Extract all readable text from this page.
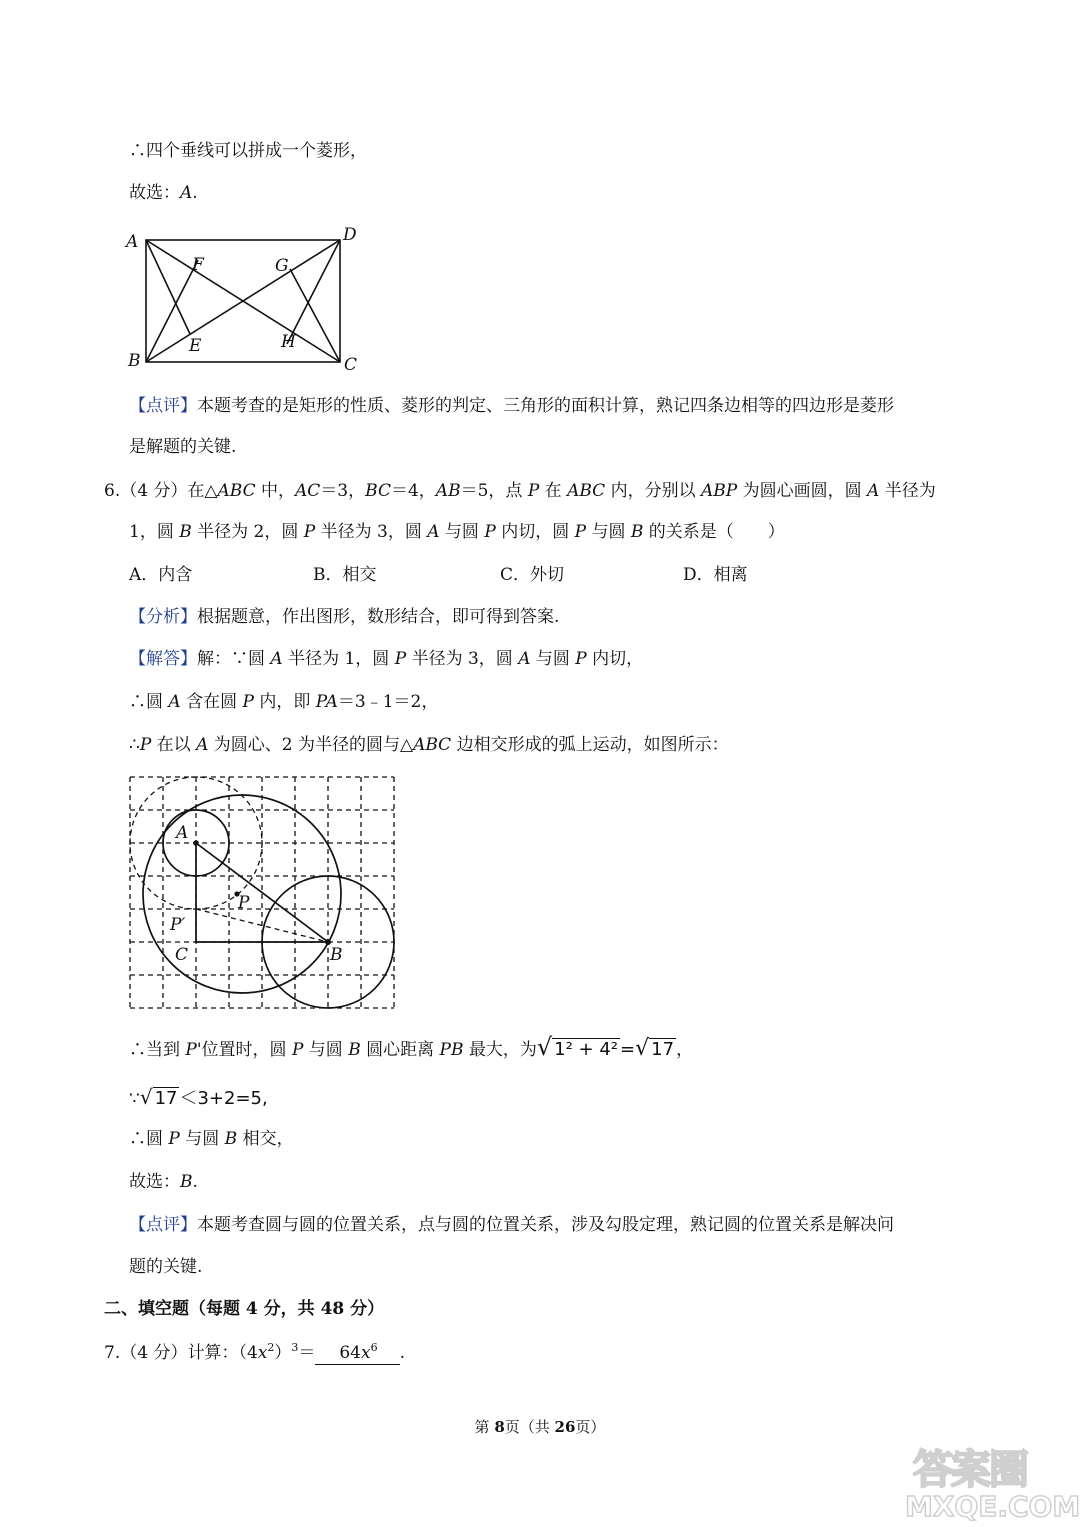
∴四个垂线可以拼成一个菱形，
故选：A.
A	D
B	C
F	G
E	H
【点评】本题考查的是矩形的性质、菱形的判定、三角形的面积计算，熟记四条边相等的四边形是菱形
是解题的关键.
6.（4 分）在△ABC 中，AC＝3，BC＝4，AB＝5，点 P 在 ABC 内，分别以 ABP 为圆心画圆，圆 A 半径为
1，圆 B 半径为 2，圆 P 半径为 3，圆 A 与圆 P 内切，圆 P 与圆 B 的关系是（　　）
A．内含	B．相交	C．外切	D．相离
【分析】根据题意，作出图形，数形结合，即可得到答案.
【解答】解：∵圆 A 半径为 1，圆 P 半径为 3，圆 A 与圆 P 内切，
∴圆 A 含在圆 P 内，即 PA＝3﹣1＝2，
∴P 在以 A 为圆心、2 为半径的圆与△ABC 边相交形成的弧上运动，如图所示：
A
P
P′
C	B
∴当到 P'位置时，圆 P 与圆 B 圆心距离 PB 最大，为√ 1² + 4² =√ 17 ，
∵√ 17 ＜3+2=5,
∴圆 P 与圆 B 相交，
故选：B.
【点评】本题考查圆与圆的位置关系，点与圆的位置关系，涉及勾股定理，熟记圆的位置关系是解决问
题的关键.
二、填空题（每题 4 分，共 48 分）
7.（4 分）计算：$(4x^2)^3= 64x^6$ .
第 8页（共 26页）
答案圈
MXQE.COM
